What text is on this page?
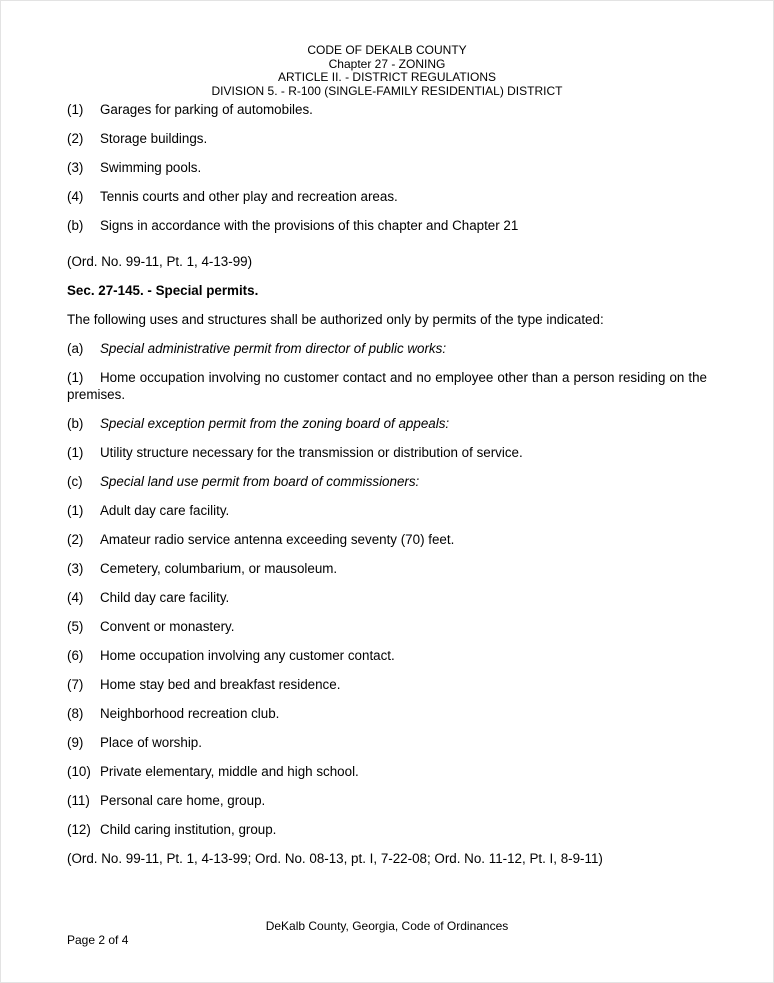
CODE OF DEKALB COUNTY
Chapter 27 - ZONING
ARTICLE II. - DISTRICT REGULATIONS
DIVISION 5. - R-100 (SINGLE-FAMILY RESIDENTIAL) DISTRICT
(1) Garages for parking of automobiles.
(2) Storage buildings.
(3) Swimming pools.
(4) Tennis courts and other play and recreation areas.
(b) Signs in accordance with the provisions of this chapter and Chapter 21

(Ord. No. 99-11, Pt. 1, 4-13-99)

Sec. 27-145. - Special permits.

The following uses and structures shall be authorized only by permits of the type indicated:

(a) Special administrative permit from director of public works:
(1) Home occupation involving no customer contact and no employee other than a person residing on the premises.
(b) Special exception permit from the zoning board of appeals:
(1) Utility structure necessary for the transmission or distribution of service.
(c) Special land use permit from board of commissioners:
(1) Adult day care facility.
(2) Amateur radio service antenna exceeding seventy (70) feet.
(3) Cemetery, columbarium, or mausoleum.
(4) Child day care facility.
(5) Convent or monastery.
(6) Home occupation involving any customer contact.
(7) Home stay bed and breakfast residence.
(8) Neighborhood recreation club.
(9) Place of worship.
(10) Private elementary, middle and high school.
(11) Personal care home, group.
(12) Child caring institution, group.

(Ord. No. 99-11, Pt. 1, 4-13-99; Ord. No. 08-13, pt. I, 7-22-08; Ord. No. 11-12, Pt. I, 8-9-11)

DeKalb County, Georgia, Code of Ordinances
Page 2 of 4
